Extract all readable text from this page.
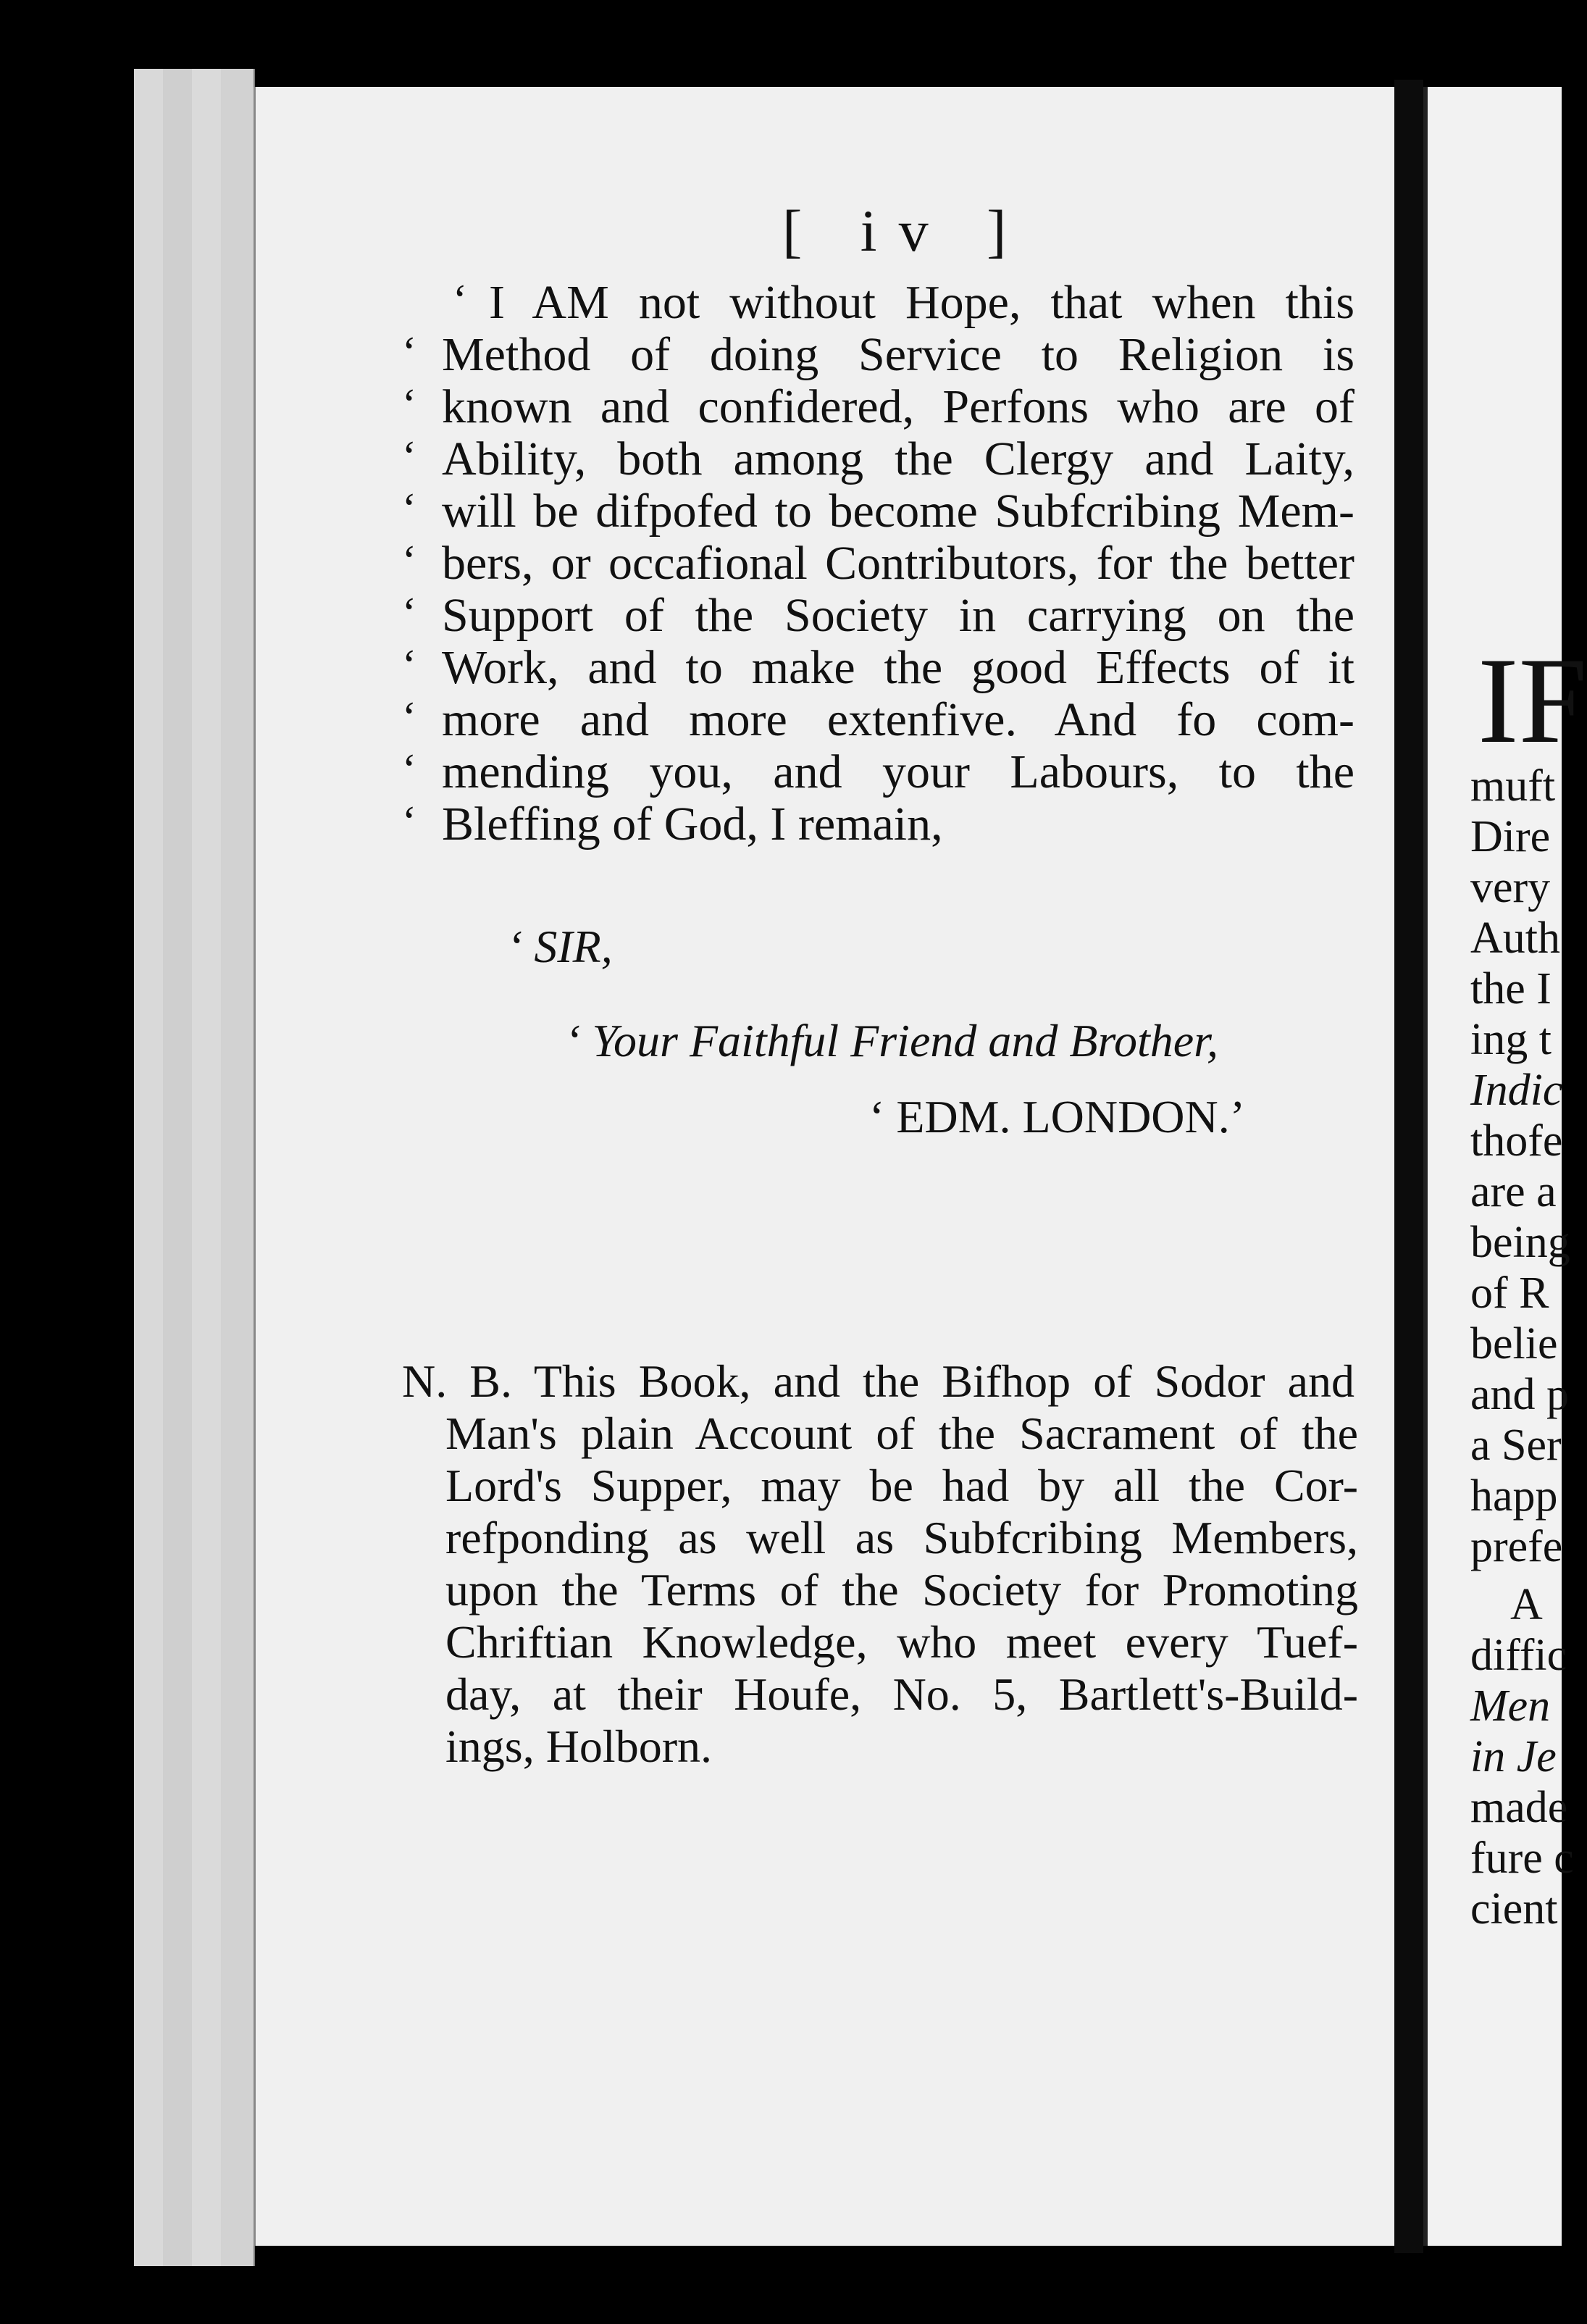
[ iv ]
‘ I AM not without Hope, that when this
‘ Method of doing Service to Religion is
‘ known and confidered, Perfons who are of
‘ Ability, both among the Clergy and Laity,
‘ will be difpofed to become Subfcribing Mem-
‘ bers, or occafional Contributors, for the better
‘ Support of the Society in carrying on the
‘ Work, and to make the good Effects of it
‘ more and more extenfive. And fo com-
‘ mending you, and your Labours, to the
‘ Bleffing of God, I remain,
‘ SIR,
‘ Your Faithful Friend and Brother,
‘ EDM. LONDON.’
N. B. This Book, and the Bifhop of Sodor and
Man's plain Account of the Sacrament of the
Lord's Supper, may be had by all the Cor-
refponding as well as Subfcribing Members,
upon the Terms of the Society for Promoting
Chriftian Knowledge, who meet every Tuef-
day, at their Houfe, No. 5, Bartlett's-Build-
ings, Holborn.
IF
muft
Dire
very
Auth
the I
ing t
Indic
thofe
are a
being
of R
belie
and p
a Ser
happ
prefe
A
diffic
Men
in Je
made
fure c
cient
